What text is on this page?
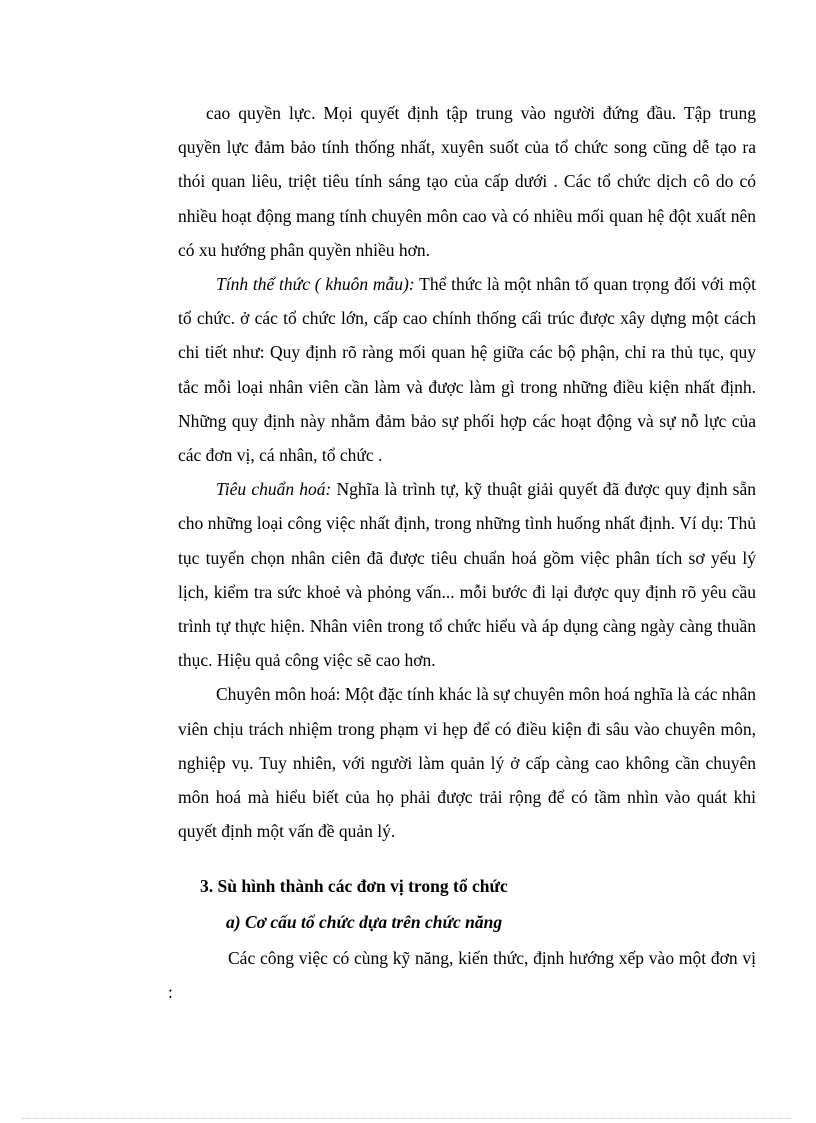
cao quyền lực. Mọi quyết định tập trung vào người đứng đầu. Tập trung quyền lực đảm bảo tính thống nhất, xuyên suốt của tổ chức song cũng dễ tạo ra thói quan liêu, triệt tiêu tính sáng tạo của cấp dưới . Các tổ chức dịch cô do có nhiều hoạt động mang tính chuyên môn cao và có nhiều mối quan hệ đột xuất nên có xu hướng phân quyền nhiều hơn.

Tính thể thức ( khuôn mẫu): Thể thức là một nhân tố quan trọng đối với một tổ chức. ở các tổ chức lớn, cấp cao chính thống cấi trúc được xây dựng một cách chi tiết như: Quy định rõ ràng mối quan hệ giữa các bộ phận, chỉ ra thủ tục, quy tắc mỗi loại nhân viên cần làm và được làm gì trong những điều kiện nhất định. Những quy định này nhằm đảm bảo sự phối hợp các hoạt động và sự nỗ lực của các đơn vị, cá nhân, tổ chức .

Tiêu chuẩn hoá: Nghĩa là trình tự, kỹ thuật giải quyết đã được quy định sẵn cho những loại công việc nhất định, trong những tình huống nhất định. Ví dụ: Thủ tục tuyển chọn nhân ciên đã được tiêu chuẩn hoá gồm việc phân tích sơ yếu lý lịch, kiểm tra sức khoẻ và phỏng vấn... mỗi bước đi lại được quy định rõ yêu cầu trình tự thực hiện. Nhân viên trong tổ chức hiểu và áp dụng càng ngày càng thuần thục. Hiệu quả công việc sẽ cao hơn.

Chuyên môn hoá: Một đặc tính khác là sự chuyên môn hoá nghĩa là các nhân viên chịu trách nhiệm trong phạm vi hẹp để có điều kiện đi sâu vào chuyên môn, nghiệp vụ. Tuy nhiên, với người làm quản lý ở cấp càng cao không cần chuyên môn hoá mà hiểu biết của họ phải được trải rộng để có tầm nhìn vào quát khi quyết định một vấn đề quản lý.

3. Sù hình thành các đơn vị trong tổ chức

a) Cơ cấu tổ chức dựa trên chức năng

Các công việc có cùng kỹ năng, kiến thức, định hướng xếp vào một đơn vị :
